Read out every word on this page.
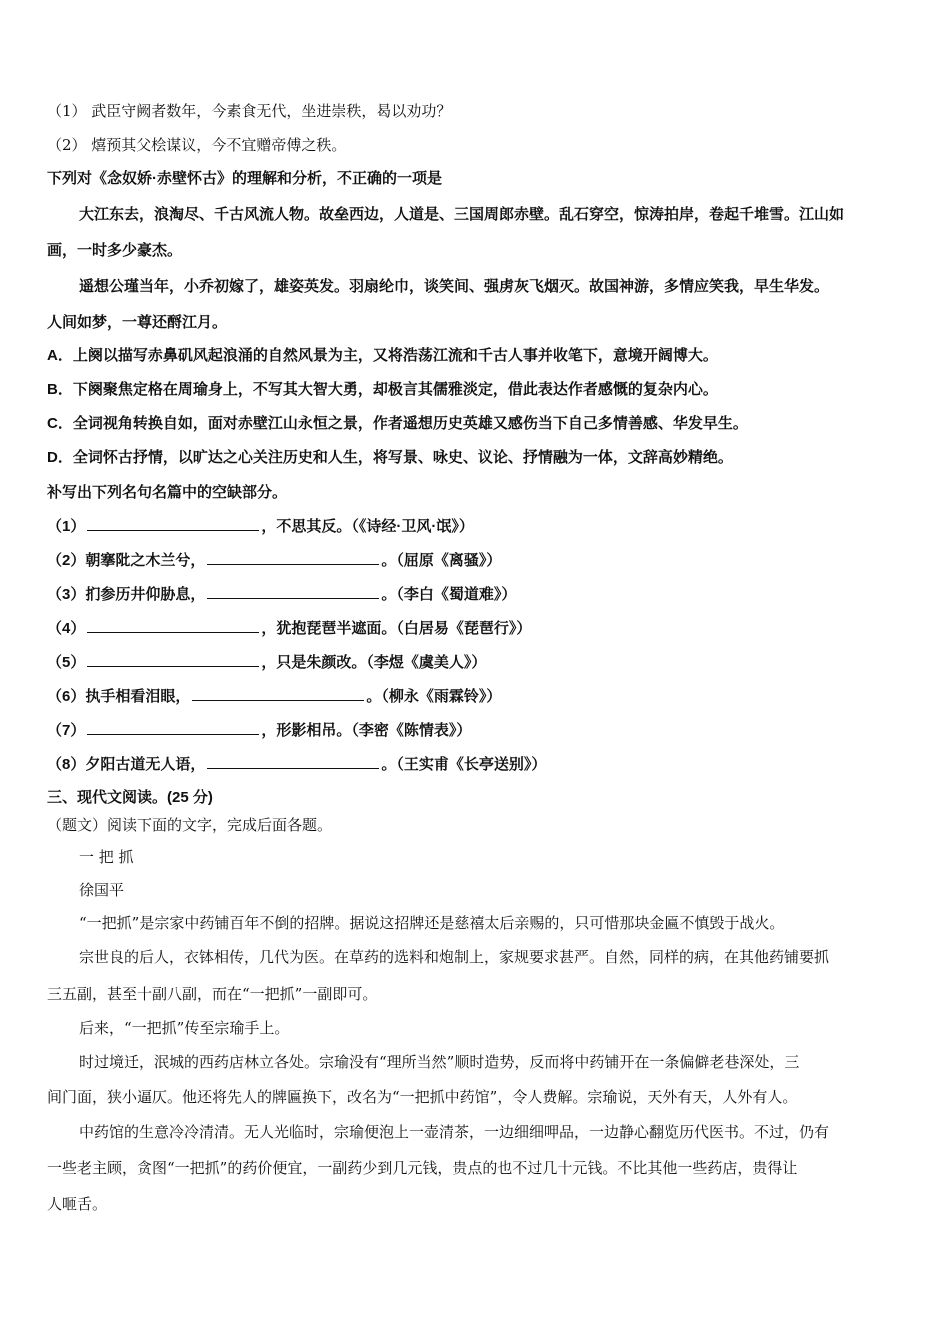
（1） 武臣守阙者数年，今素食无代，坐进崇秩，曷以劝功？
（2） 熺预其父桧谋议，今不宜赠帝傅之秩。
下列对《念奴娇·赤壁怀古》的理解和分析，不正确的一项是
大江东去，浪淘尽、千古风流人物。故垒西边，人道是、三国周郎赤壁。乱石穿空，惊涛拍岸，卷起千堆雪。江山如
画，一时多少豪杰。
遥想公瑾当年，小乔初嫁了，雄姿英发。羽扇纶巾，谈笑间、强虏灰飞烟灭。故国神游，多情应笑我，早生华发。
人间如梦，一尊还酹江月。
A．上阕以描写赤鼻矶风起浪涌的自然风景为主，又将浩荡江流和千古人事并收笔下，意境开阔博大。
B．下阕聚焦定格在周瑜身上，不写其大智大勇，却极言其儒雅淡定，借此表达作者感慨的复杂内心。
C．全词视角转换自如，面对赤壁江山永恒之景，作者遥想历史英雄又感伤当下自己多情善感、华发早生。
D．全词怀古抒情，以旷达之心关注历史和人生，将写景、咏史、议论、抒情融为一体，文辞高妙精绝。
补写出下列名句名篇中的空缺部分。
（1）	，不思其反。（《诗经·卫风·氓》）
（2）朝搴阰之木兰兮，	。（屈原《离骚》）
（3）扪参历井仰胁息，	。（李白《蜀道难》）
（4）	，犹抱琵琶半遮面。（白居易《琵琶行》）
（5）	，只是朱颜改。（李煜《虞美人》）
（6）执手相看泪眼，	。（柳永《雨霖铃》）
（7）	，形影相吊。（李密《陈情表》）
（8）夕阳古道无人语，	。（王实甫《长亭送别》）
三、现代文阅读。(25 分)
（题文）阅读下面的文字，完成后面各题。
一 把 抓
徐国平
“一把抓”是宗家中药铺百年不倒的招牌。据说这招牌还是慈禧太后亲赐的，只可惜那块金匾不慎毁于战火。
宗世良的后人，衣钵相传，几代为医。在草药的选料和炮制上，家规要求甚严。自然，同样的病，在其他药铺要抓
三五副，甚至十副八副，而在“一把抓”一副即可。
后来，“一把抓”传至宗瑜手上。
时过境迁，泯城的西药店林立各处。宗瑜没有“理所当然”顺时造势，反而将中药铺开在一条偏僻老巷深处，三
间门面，狭小逼仄。他还将先人的牌匾换下，改名为“一把抓中药馆”，令人费解。宗瑜说，天外有天，人外有人。
中药馆的生意冷冷清清。无人光临时，宗瑜便泡上一壶清茶，一边细细呷品，一边静心翻览历代医书。不过，仍有
一些老主顾，贪图“一把抓”的药价便宜，一副药少到几元钱，贵点的也不过几十元钱。不比其他一些药店，贵得让
人咂舌。
